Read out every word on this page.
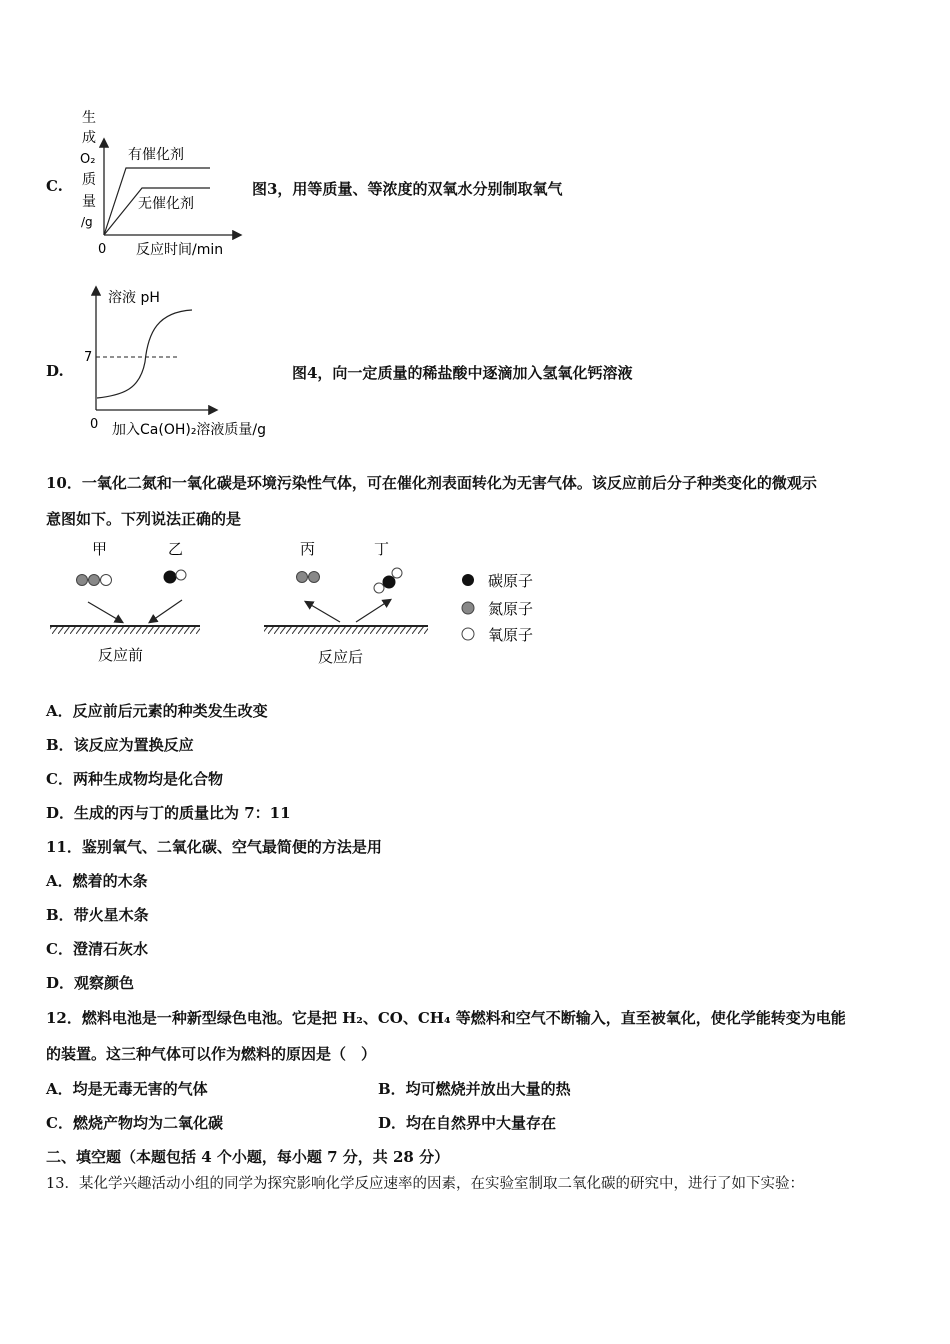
C.
生
成
O₂
质
量
/g
有催化剂
无催化剂
0 反应时间/min
图3，用等质量、等浓度的双氧水分别制取氧气
D.
溶液 pH
7
0 加入Ca(OH)₂溶液质量/g
图4，向一定质量的稀盐酸中逐滴加入氢氧化钙溶液
10．一氧化二氮和一氧化碳是环境污染性气体，可在催化剂表面转化为无害气体。该反应前后分子种类变化的微观示
意图如下。下列说法正确的是
甲	乙
反应前
丙	丁
反应后
碳原子
氮原子
氧原子
A．反应前后元素的种类发生改变
B．该反应为置换反应
C．两种生成物均是化合物
D．生成的丙与丁的质量比为 7：11
11．鉴别氧气、二氧化碳、空气最简便的方法是用
A．燃着的木条
B．带火星木条
C．澄清石灰水
D．观察颜色
12．燃料电池是一种新型绿色电池。它是把 H₂、CO、CH₄ 等燃料和空气不断输入，直至被氧化，使化学能转变为电能
的装置。这三种气体可以作为燃料的原因是（　）
A．均是无毒无害的气体	B．均可燃烧并放出大量的热
C．燃烧产物均为二氧化碳	D．均在自然界中大量存在
二、填空题（本题包括 4 个小题，每小题 7 分，共 28 分）
13．某化学兴趣活动小组的同学为探究影响化学反应速率的因素，在实验室制取二氧化碳的研究中，进行了如下实验：
